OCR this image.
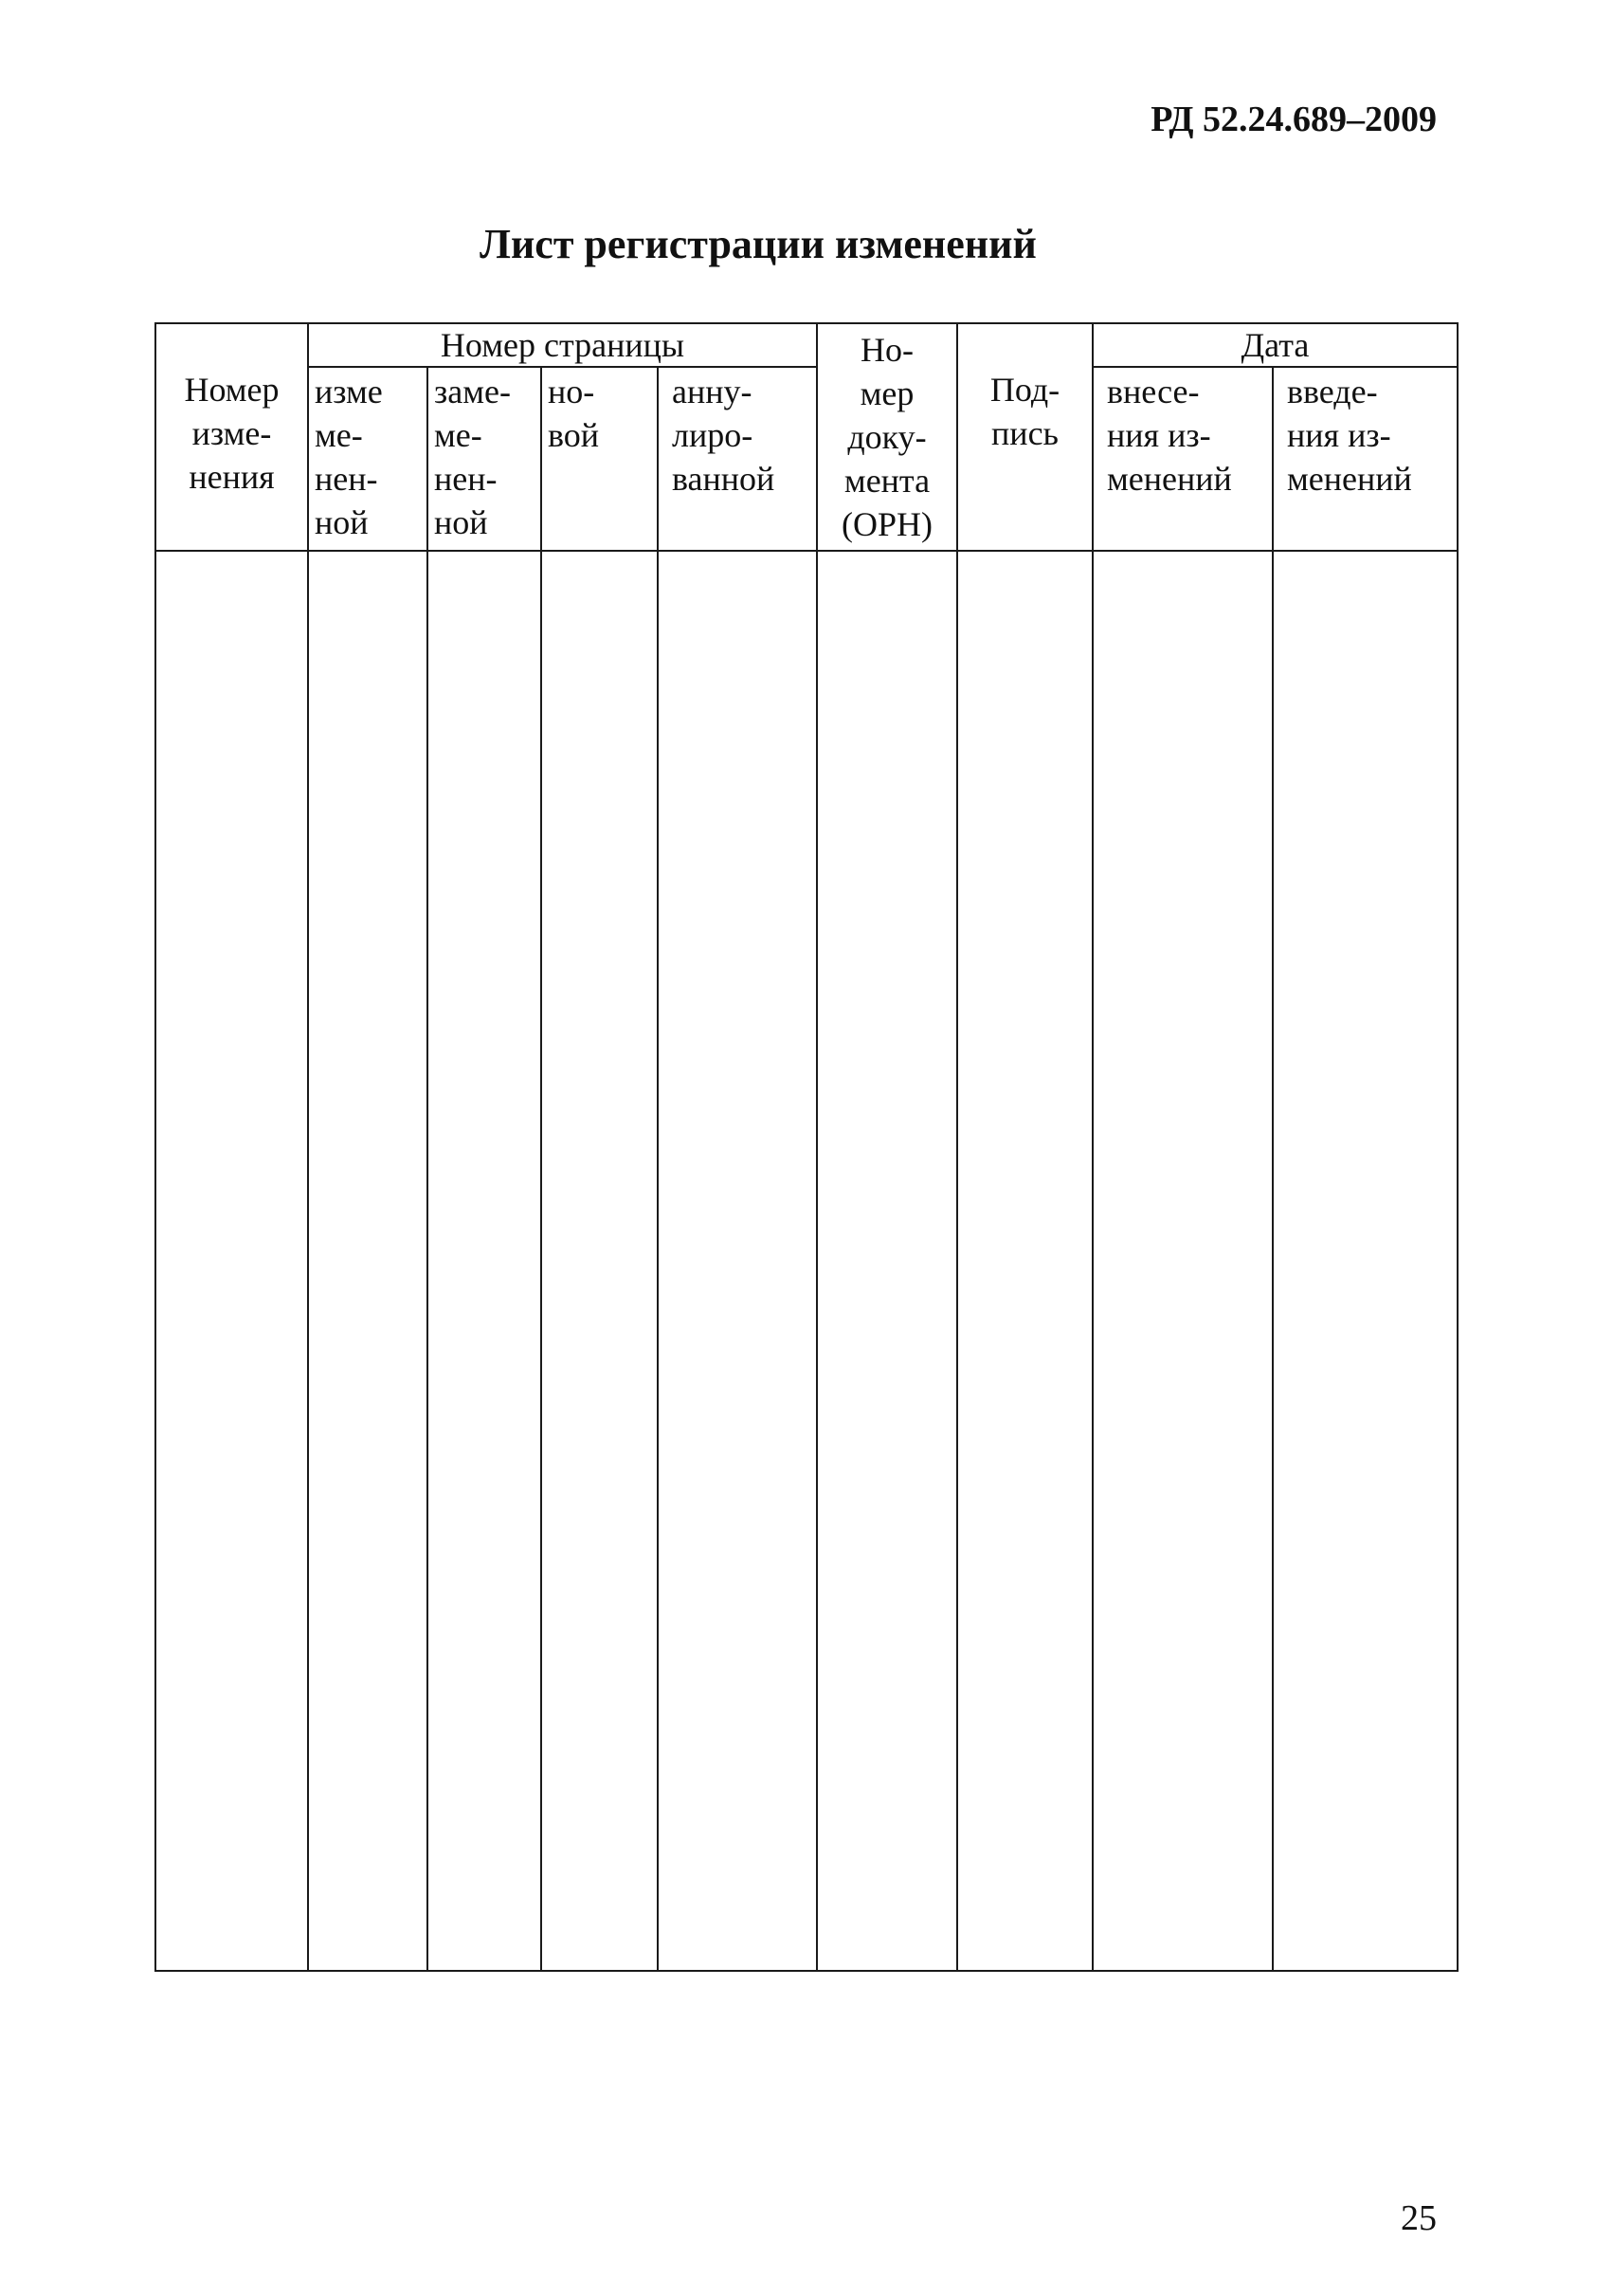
РД 52.24.689–2009
Лист регистрации изменений
Номер
изме-
нения	Номер страницы				Но-
мер
доку-
мента
(ОРН)	Под-
пись	Дата	
	изме
ме-
нен-
ной	заме-
ме-
нен-
ной	но-
вой	анну-
лиро-
ванной			внесе-
ния из-
менений	введе-
ния из-
менений

25
